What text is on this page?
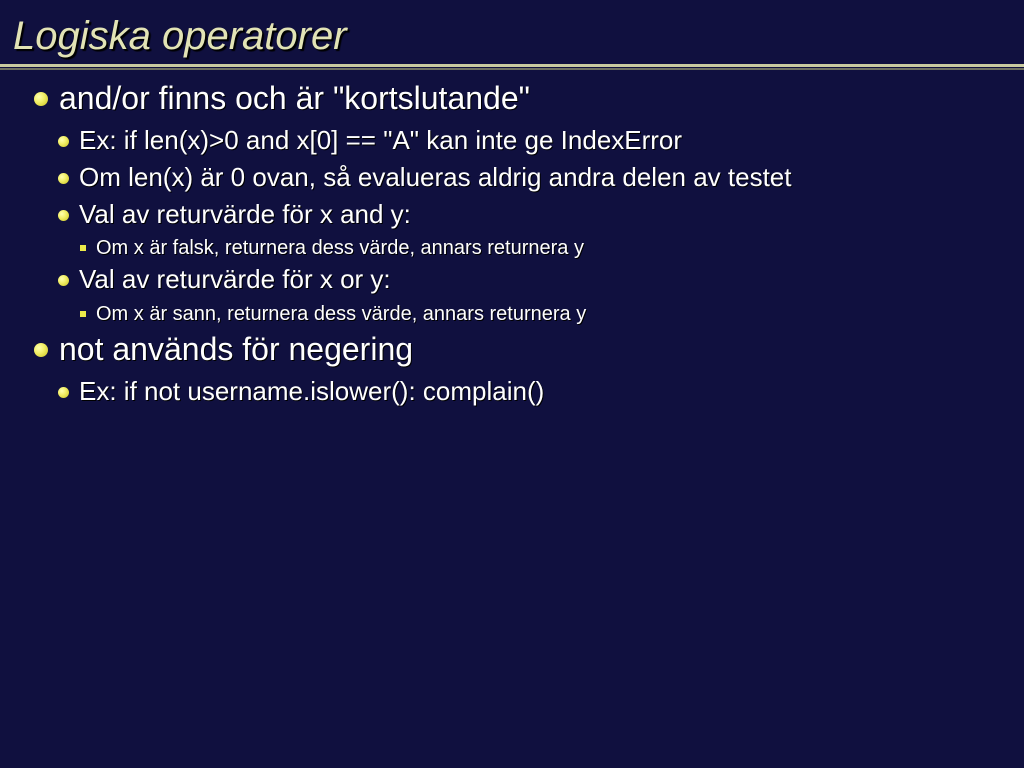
Logiska operatorer
and/or finns och är "kortslutande"
Ex: if len(x)>0 and x[0] == "A" kan inte ge IndexError
Om len(x) är 0 ovan, så evalueras aldrig andra delen av testet
Val av returvärde för x and y:
Om x är falsk, returnera dess värde, annars returnera y
Val av returvärde för x or y:
Om x är sann, returnera dess värde, annars returnera y
not används för negering
Ex: if not username.islower(): complain()
